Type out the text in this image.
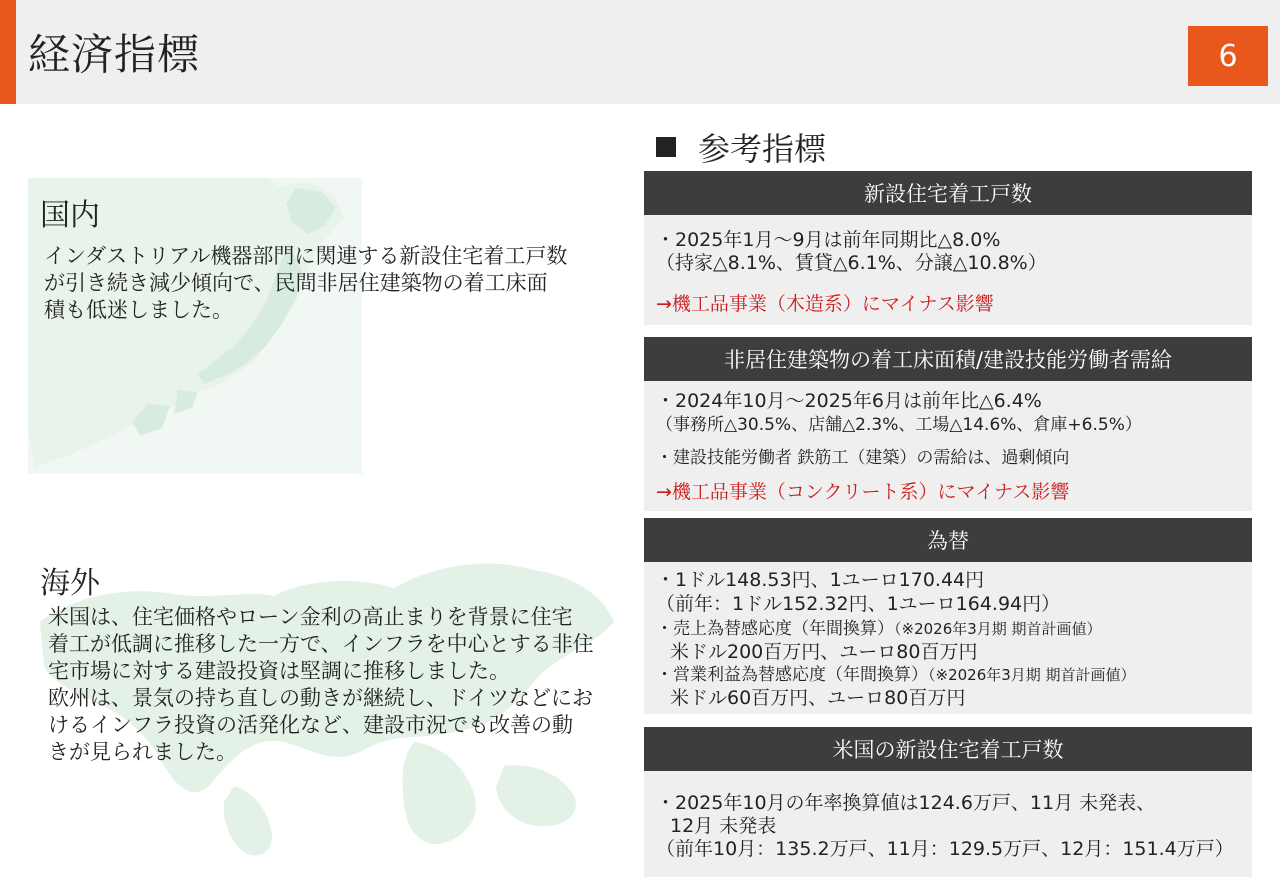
経済指標	6
国内
インダストリアル機器部門に関連する新設住宅着工戸数
が引き続き減少傾向で、民間非居住建築物の着工床面
積も低迷しました。
海外
米国は、住宅価格やローン金利の高止まりを背景に住宅
着工が低調に推移した一方で、インフラを中心とする非住
宅市場に対する建設投資は堅調に推移しました。
欧州は、景気の持ち直しの動きが継続し、ドイツなどにお
けるインフラ投資の活発化など、建設市況でも改善の動
きが見られました。
参考指標
新設住宅着工戸数
・2025年1月～9月は前年同期比△8.0%
（持家△8.1%、賃貸△6.1%、分譲△10.8%）
→機工品事業（木造系）にマイナス影響
非居住建築物の着工床面積/建設技能労働者需給
・2024年10月～2025年6月は前年比△6.4%
（事務所△30.5%、店舗△2.3%、工場△14.6%、倉庫+6.5%）
・建設技能労働者 鉄筋工（建築）の需給は、過剰傾向
→機工品事業（コンクリート系）にマイナス影響
為替
・1ドル148.53円、1ユーロ170.44円
（前年：1ドル152.32円、1ユーロ164.94円）
・売上為替感応度（年間換算）（※2026年3月期 期首計画値）
米ドル200百万円、ユーロ80百万円
・営業利益為替感応度（年間換算）（※2026年3月期 期首計画値）
米ドル60百万円、ユーロ80百万円
米国の新設住宅着工戸数
・2025年10月の年率換算値は124.6万戸、11月 未発表、
12月 未発表
（前年10月：135.2万戸、11月：129.5万戸、12月：151.4万戸）
